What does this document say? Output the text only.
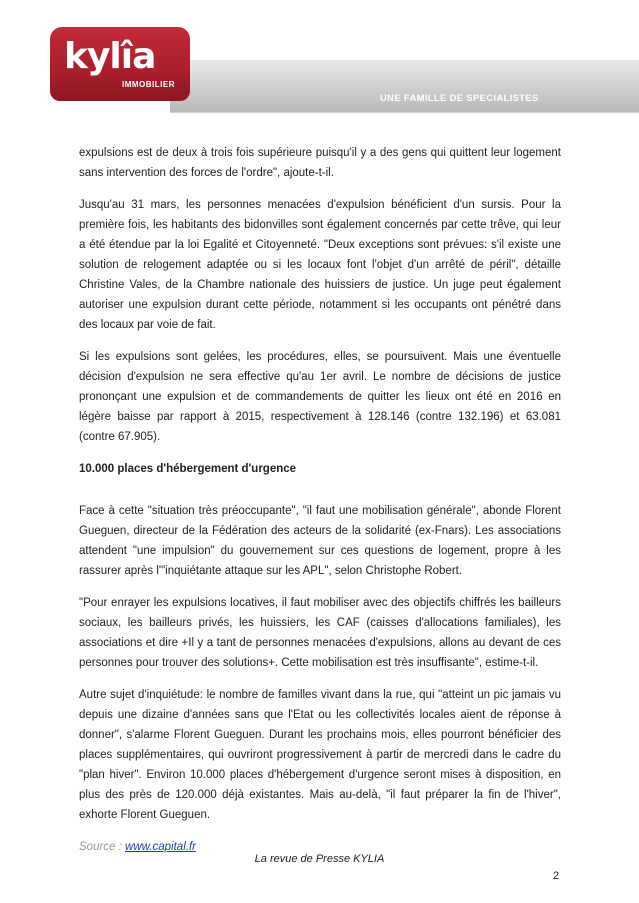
kylîa
IMMOBILIER
UNE FAMILLE DE SPECIALISTES

expulsions est de deux à trois fois supérieure puisqu'il y a des gens qui quittent leur logement sans intervention des forces de l'ordre", ajoute-t-il.

Jusqu'au 31 mars, les personnes menacées d'expulsion bénéficient d'un sursis. Pour la première fois, les habitants des bidonvilles sont également concernés par cette trêve, qui leur a été étendue par la loi Egalité et Citoyenneté. "Deux exceptions sont prévues: s'il existe une solution de relogement adaptée ou si les locaux font l'objet d'un arrêté de péril", détaille Christine Vales, de la Chambre nationale des huissiers de justice. Un juge peut également autoriser une expulsion durant cette période, notamment si les occupants ont pénétré dans des locaux par voie de fait.

Si les expulsions sont gelées, les procédures, elles, se poursuivent. Mais une éventuelle décision d'expulsion ne sera effective qu'au 1er avril. Le nombre de décisions de justice prononçant une expulsion et de commandements de quitter les lieux ont été en 2016 en légère baisse par rapport à 2015, respectivement à 128.146 (contre 132.196) et 63.081 (contre 67.905).

10.000 places d'hébergement d'urgence

Face à cette "situation très préoccupante", "il faut une mobilisation générale", abonde Florent Gueguen, directeur de la Fédération des acteurs de la solidarité (ex-Fnars). Les associations attendent "une impulsion" du gouvernement sur ces questions de logement, propre à les rassurer après l'"inquiétante attaque sur les APL", selon Christophe Robert.

"Pour enrayer les expulsions locatives, il faut mobiliser avec des objectifs chiffrés les bailleurs sociaux, les bailleurs privés, les huissiers, les CAF (caisses d'allocations familiales), les associations et dire +Il y a tant de personnes menacées d'expulsions, allons au devant de ces personnes pour trouver des solutions+. Cette mobilisation est très insuffisante", estime-t-il.

Autre sujet d'inquiétude: le nombre de familles vivant dans la rue, qui "atteint un pic jamais vu depuis une dizaine d'années sans que l'Etat ou les collectivités locales aient de réponse à donner", s'alarme Florent Gueguen. Durant les prochains mois, elles pourront bénéficier des places supplémentaires, qui ouvriront progressivement à partir de mercredi dans le cadre du "plan hiver". Environ 10.000 places d'hébergement d'urgence seront mises à disposition, en plus des près de 120.000 déjà existantes. Mais au-delà, "il faut préparer la fin de l'hiver", exhorte Florent Gueguen.

Source : www.capital.fr
La revue de Presse KYLIA
2
